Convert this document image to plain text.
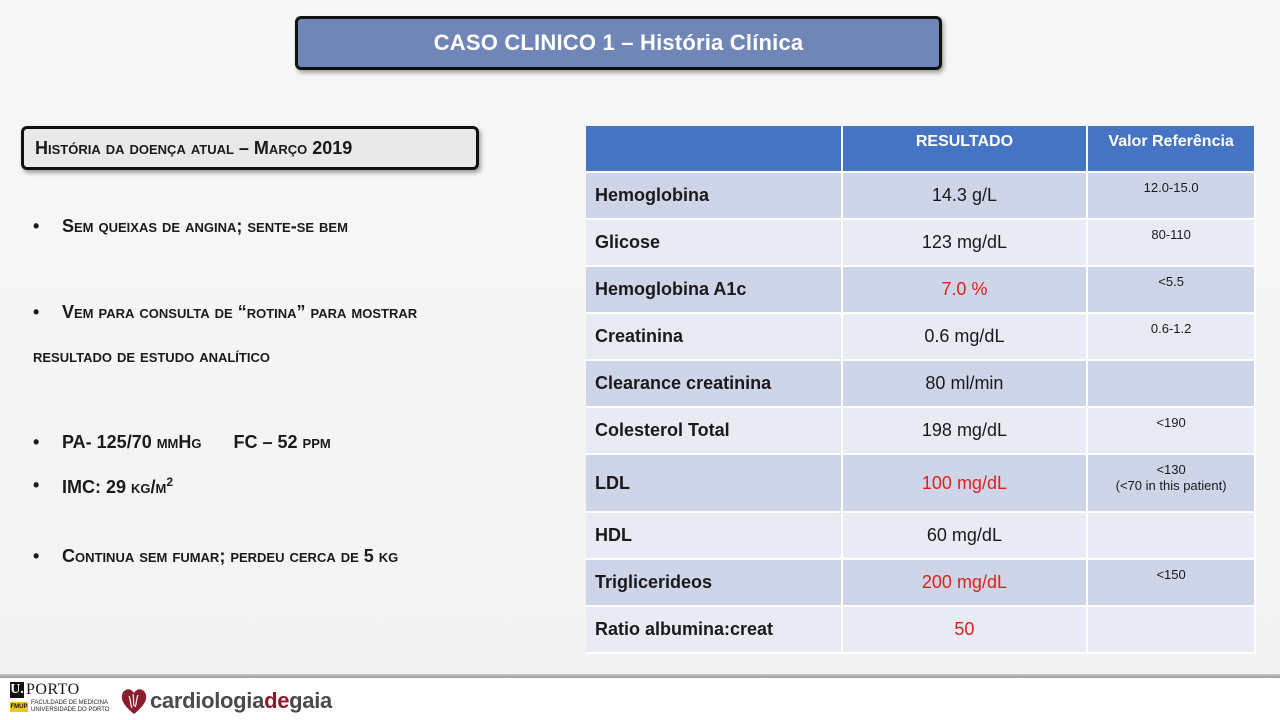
CASO CLINICO 1 – História Clínica
História da doença atual – Março 2019
• Sem queixas de angina; sente-se bem
• Vem para consulta de “rotina” para mostrar
resultado de estudo analítico
• PA- 125/70 mmHg FC – 52 ppm
• IMC: 29 $kg/m^2$
• Continua sem fumar; perdeu cerca de 5 kg
	RESULTADO	Valor Referência
Hemoglobina	14.3 g/L	12.0-15.0
Glicose	123 mg/dL	80-110
Hemoglobina A1c	7.0 %	<5.5
Creatinina	0.6 mg/dL	0.6-1.2
Clearance creatinina	80 ml/min	
Colesterol Total	198 mg/dL	<190
LDL	100 mg/dL	<130
(<70 in this patient)

HDL	60 mg/dL	
Triglicerideos	200 mg/dL	<150
Ratio albumina:creat	50	
U. PORTO
FMUP
FACULDADE DE MEDICINA
UNIVERSIDADE DO PORTO cardiologiadegaia
